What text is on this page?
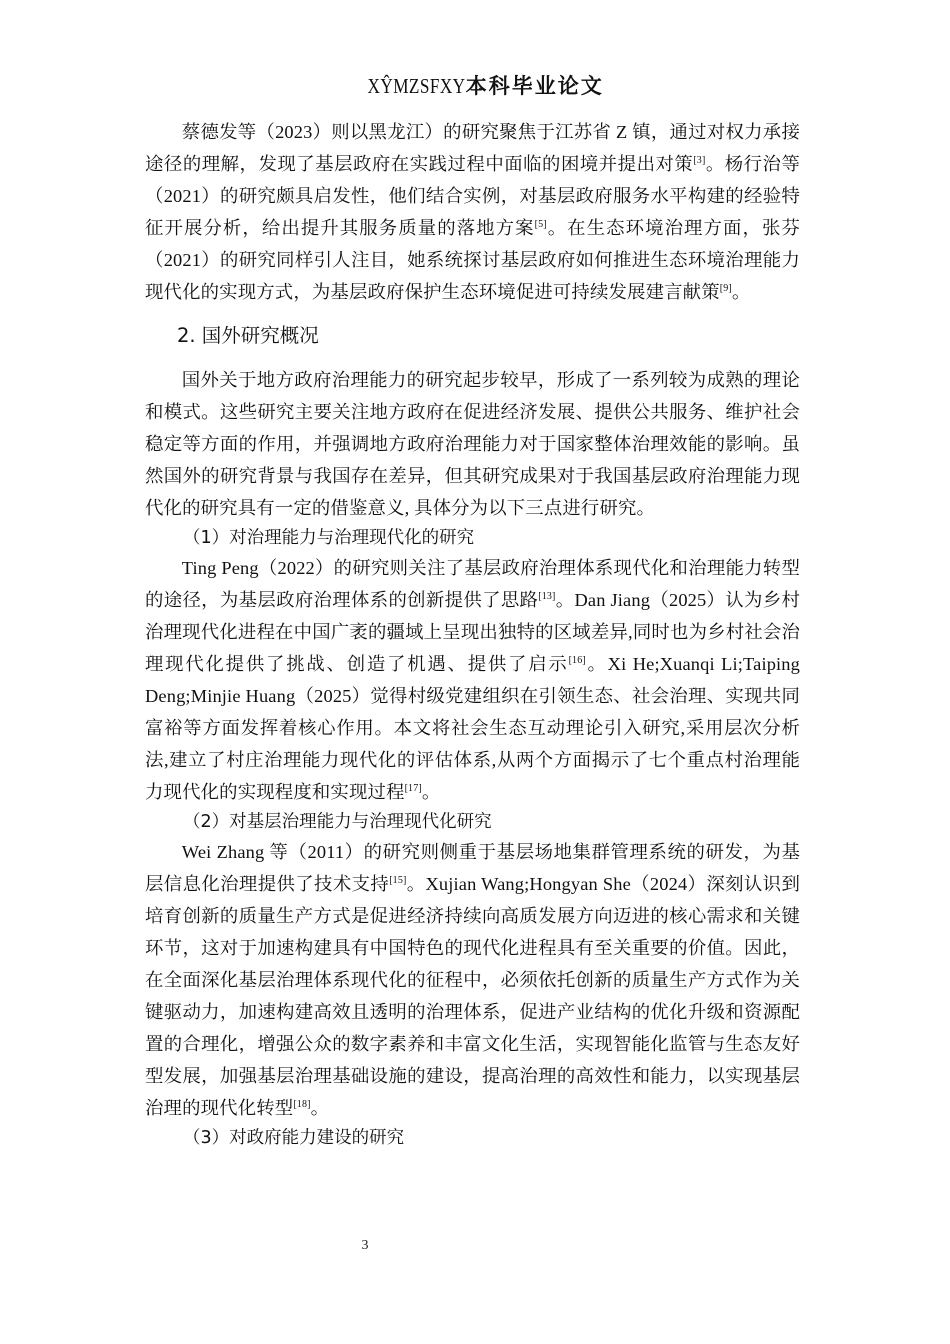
XŶMZSFXY本科毕业论文

蔡德发等（2023）则以黑龙江）的研究聚焦于江苏省 Z 镇，通过对权力承接途径的理解，发现了基层政府在实践过程中面临的困境并提出对策[3]。杨行治等（2021）的研究颇具启发性，他们结合实例，对基层政府服务水平构建的经验特征开展分析，给出提升其服务质量的落地方案[5]。在生态环境治理方面，张芬（2021）的研究同样引人注目，她系统探讨基层政府如何推进生态环境治理能力现代化的实现方式，为基层政府保护生态环境促进可持续发展建言献策[9]。

2. 国外研究概况

国外关于地方政府治理能力的研究起步较早，形成了一系列较为成熟的理论和模式。这些研究主要关注地方政府在促进经济发展、提供公共服务、维护社会稳定等方面的作用，并强调地方政府治理能力对于国家整体治理效能的影响。虽然国外的研究背景与我国存在差异，但其研究成果对于我国基层政府治理能力现代化的研究具有一定的借鉴意义, 具体分为以下三点进行研究。

（1）对治理能力与治理现代化的研究

Ting Peng（2022）的研究则关注了基层政府治理体系现代化和治理能力转型的途径，为基层政府治理体系的创新提供了思路[13]。Dan Jiang（2025）认为乡村治理现代化进程在中国广袤的疆域上呈现出独特的区域差异,同时也为乡村社会治理现代化提供了挑战、创造了机遇、提供了启示[16]。Xi He;Xuanqi Li;Taiping Deng;Minjie Huang（2025）觉得村级党建组织在引领生态、社会治理、实现共同富裕等方面发挥着核心作用。本文将社会生态互动理论引入研究,采用层次分析法,建立了村庄治理能力现代化的评估体系,从两个方面揭示了七个重点村治理能力现代化的实现程度和实现过程[17]。

（2）对基层治理能力与治理现代化研究

Wei Zhang 等（2011）的研究则侧重于基层场地集群管理系统的研发，为基层信息化治理提供了技术支持[15]。Xujian Wang;Hongyan She（2024）深刻认识到培育创新的质量生产方式是促进经济持续向高质发展方向迈进的核心需求和关键环节，这对于加速构建具有中国特色的现代化进程具有至关重要的价值。因此，在全面深化基层治理体系现代化的征程中，必须依托创新的质量生产方式作为关键驱动力，加速构建高效且透明的治理体系，促进产业结构的优化升级和资源配置的合理化，增强公众的数字素养和丰富文化生活，实现智能化监管与生态友好型发展，加强基层治理基础设施的建设，提高治理的高效性和能力，以实现基层治理的现代化转型[18]。

（3）对政府能力建设的研究
3
